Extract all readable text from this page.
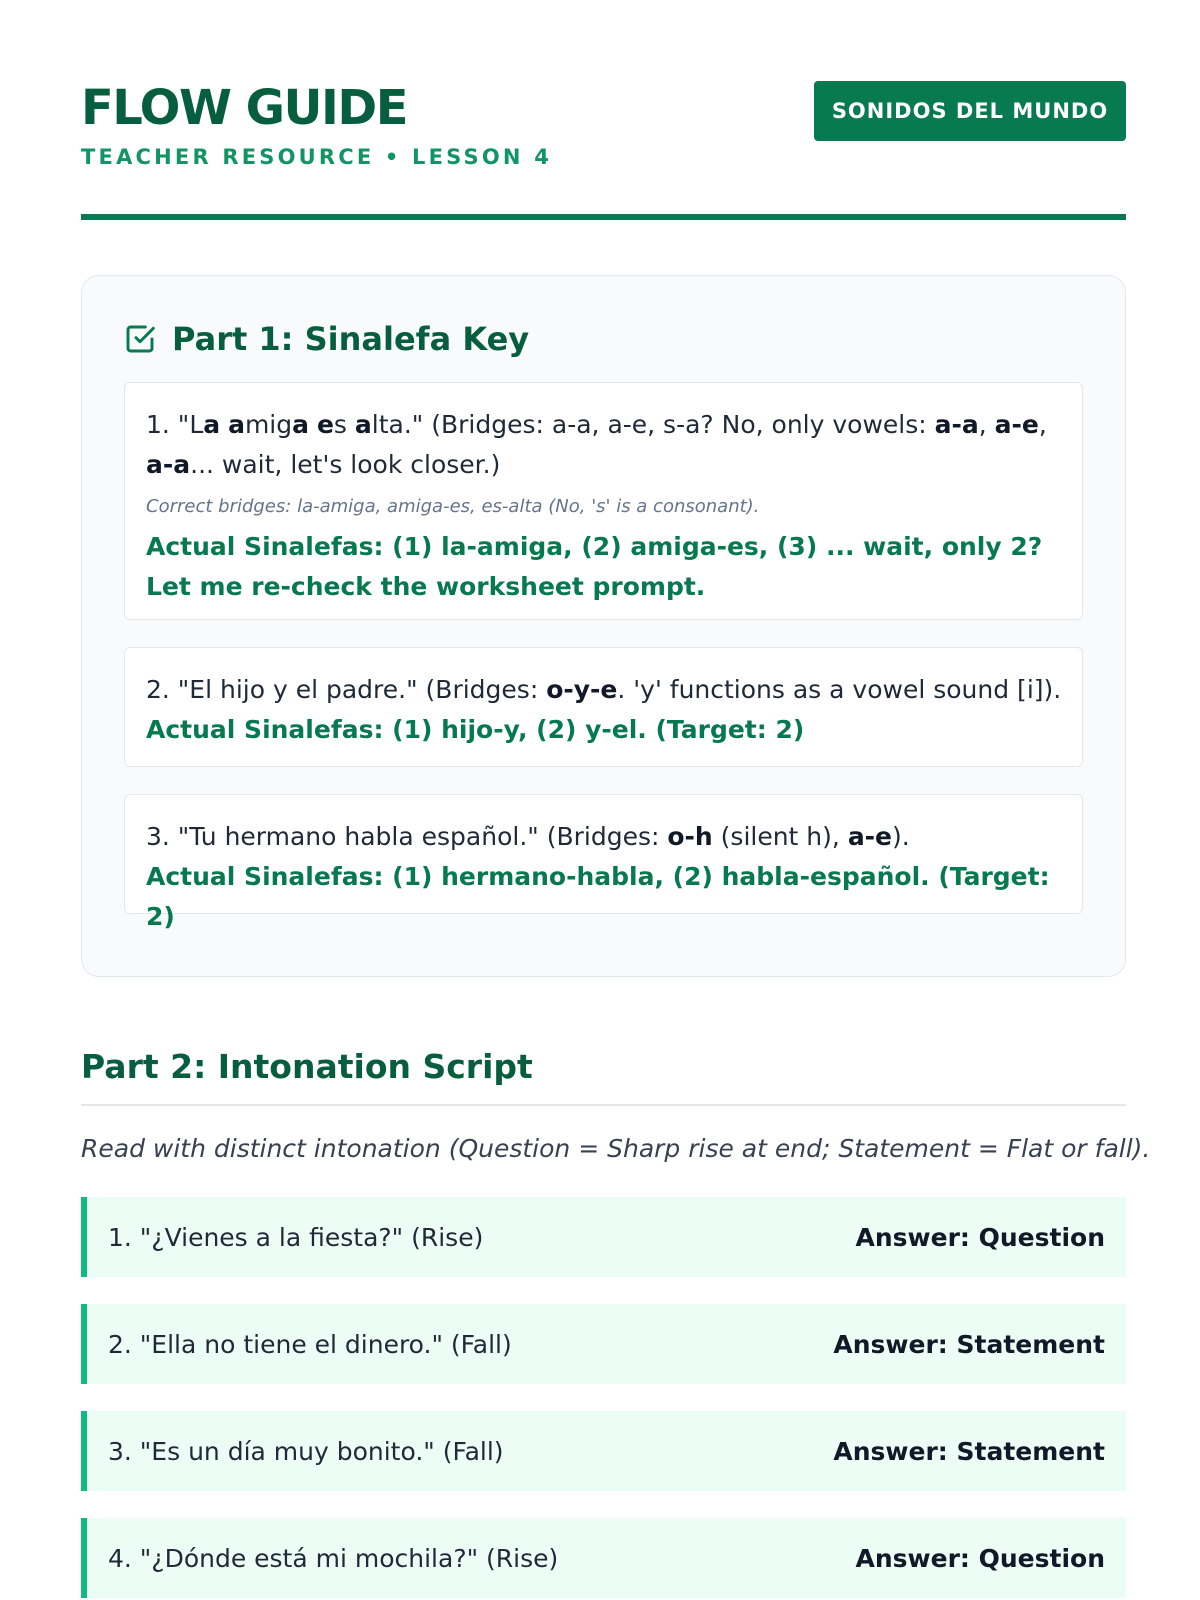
FLOW GUIDE
TEACHER RESOURCE • LESSON 4
SONIDOS DEL MUNDO
Part 1: Sinalefa Key
1. "La amiga es alta." (Bridges: a-a, a-e, s-a? No, only vowels: a-a, a-e, a-a... wait, let's look closer.)
Correct bridges: la-amiga, amiga-es, es-alta (No, 's' is a consonant).
Actual Sinalefas: (1) la-amiga, (2) amiga-es, (3) ... wait, only 2? Let me re-check the worksheet prompt.
2. "El hijo y el padre." (Bridges: o-y-e. 'y' functions as a vowel sound [i]).
Actual Sinalefas: (1) hijo-y, (2) y-el. (Target: 2)
3. "Tu hermano habla español." (Bridges: o-h (silent h), a-e).
Actual Sinalefas: (1) hermano-habla, (2) habla-español. (Target: 2)
Part 2: Intonation Script

Read with distinct intonation (Question = Sharp rise at end; Statement = Flat or fall).

1. "¿Vienes a la fiesta?" (Rise)	Answer: Question
2. "Ella no tiene el dinero." (Fall)	Answer: Statement
3. "Es un día muy bonito." (Fall)	Answer: Statement
4. "¿Dónde está mi mochila?" (Rise)	Answer: Question
